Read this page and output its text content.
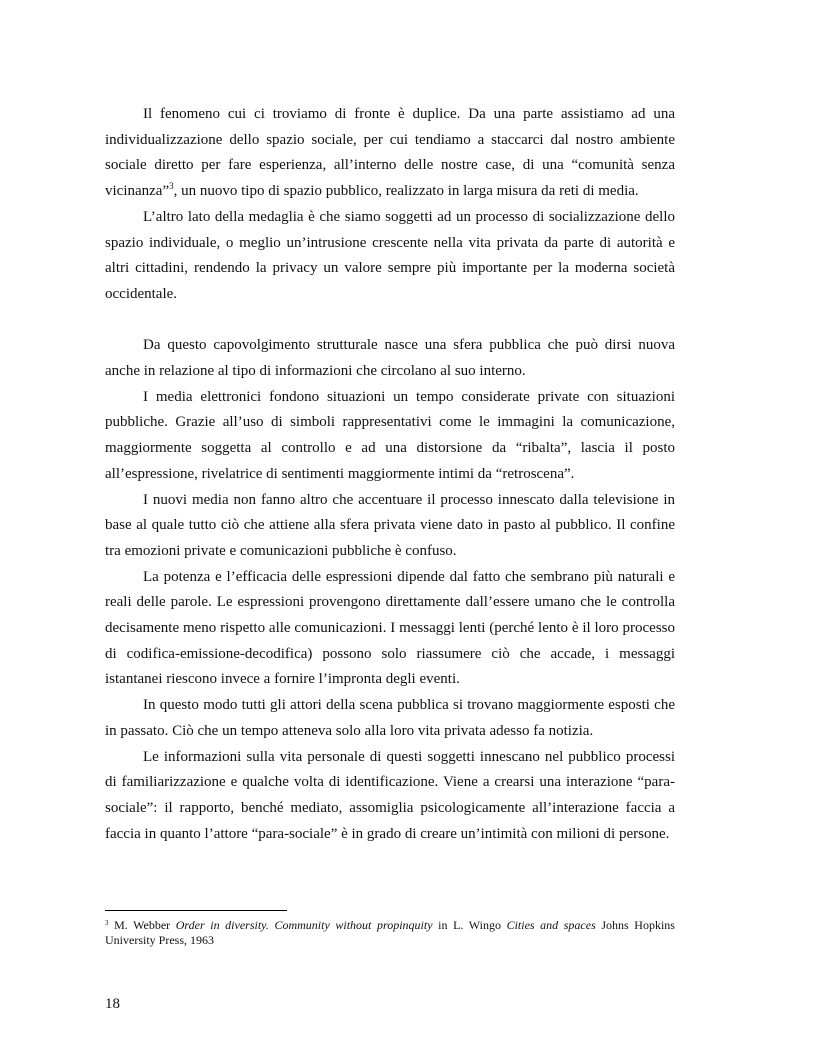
Il fenomeno cui ci troviamo di fronte è duplice. Da una parte assistiamo ad una individualizzazione dello spazio sociale, per cui tendiamo a staccarci dal nostro ambiente sociale diretto per fare esperienza, all’interno delle nostre case, di una “comunità senza vicinanza”$^3$, un nuovo tipo di spazio pubblico, realizzato in larga misura da reti di media.

L’altro lato della medaglia è che siamo soggetti ad un processo di socializzazione dello spazio individuale, o meglio un’intrusione crescente nella vita privata da parte di autorità e altri cittadini, rendendo la privacy un valore sempre più importante per la moderna società occidentale.

Da questo capovolgimento strutturale nasce una sfera pubblica che può dirsi nuova anche in relazione al tipo di informazioni che circolano al suo interno.

I media elettronici fondono situazioni un tempo considerate private con situazioni pubbliche. Grazie all’uso di simboli rappresentativi come le immagini la comunicazione, maggiormente soggetta al controllo e ad una distorsione da “ribalta”, lascia il posto all’espressione, rivelatrice di sentimenti maggiormente intimi da “retroscena”.

I nuovi media non fanno altro che accentuare il processo innescato dalla televisione in base al quale tutto ciò che attiene alla sfera privata viene dato in pasto al pubblico. Il confine tra emozioni private e comunicazioni pubbliche è confuso.

La potenza e l’efficacia delle espressioni dipende dal fatto che sembrano più naturali e reali delle parole. Le espressioni provengono direttamente dall’essere umano che le controlla decisamente meno rispetto alle comunicazioni. I messaggi lenti (perché lento è il loro processo di codifica-emissione-decodifica) possono solo riassumere ciò che accade, i messaggi istantanei riescono invece a fornire l’impronta degli eventi.

In questo modo tutti gli attori della scena pubblica si trovano maggiormente esposti che in passato. Ciò che un tempo atteneva solo alla loro vita privata adesso fa notizia.

Le informazioni sulla vita personale di questi soggetti innescano nel pubblico processi di familiarizzazione e qualche volta di identificazione. Viene a crearsi una interazione “para-sociale”: il rapporto, benché mediato, assomiglia psicologicamente all’interazione faccia a faccia in quanto l’attore “para-sociale” è in grado di creare un’intimità con milioni di persone.

$^3$ M. Webber Order in diversity. Community without propinquity in L. Wingo Cities and spaces Johns Hopkins University Press, 1963

18
